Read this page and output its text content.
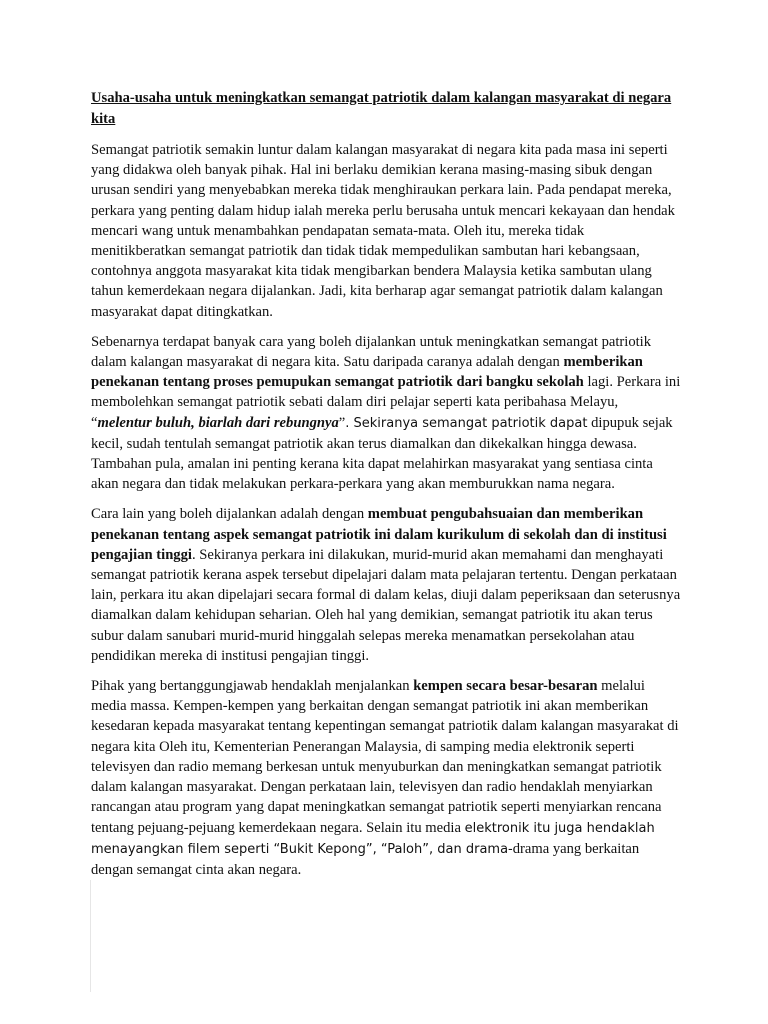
Usaha-usaha untuk meningkatkan semangat patriotik dalam kalangan masyarakat di negara kita

Semangat patriotik semakin luntur dalam kalangan masyarakat di negara kita pada masa ini seperti yang didakwa oleh banyak pihak. Hal ini berlaku demikian kerana masing-masing sibuk dengan urusan sendiri yang menyebabkan mereka tidak menghiraukan perkara lain. Pada pendapat mereka, perkara yang penting dalam hidup ialah mereka perlu berusaha untuk mencari kekayaan dan hendak mencari wang untuk menambahkan pendapatan semata-mata. Oleh itu, mereka tidak menitikberatkan semangat patriotik dan tidak tidak mempedulikan sambutan hari kebangsaan, contohnya anggota masyarakat kita tidak mengibarkan bendera Malaysia ketika sambutan ulang tahun kemerdekaan negara dijalankan. Jadi, kita berharap agar semangat patriotik dalam kalangan masyarakat dapat ditingkatkan.

Sebenarnya terdapat banyak cara yang boleh dijalankan untuk meningkatkan semangat patriotik dalam kalangan masyarakat di negara kita. Satu daripada caranya adalah dengan memberikan penekanan tentang proses pemupukan semangat patriotik dari bangku sekolah lagi. Perkara ini membolehkan semangat patriotik sebati dalam diri pelajar seperti kata peribahasa Melayu, “melentur buluh, biarlah dari rebungnya”. Sekiranya semangat patriotik dapat dipupuk sejak kecil, sudah tentulah semangat patriotik akan terus diamalkan dan dikekalkan hingga dewasa. Tambahan pula, amalan ini penting kerana kita dapat melahirkan masyarakat yang sentiasa cinta akan negara dan tidak melakukan perkara-perkara yang akan memburukkan nama negara.

Cara lain yang boleh dijalankan adalah dengan membuat pengubahsuaian dan memberikan penekanan tentang aspek semangat patriotik ini dalam kurikulum di sekolah dan di institusi pengajian tinggi. Sekiranya perkara ini dilakukan, murid-murid akan memahami dan menghayati semangat patriotik kerana aspek tersebut dipelajari dalam mata pelajaran tertentu. Dengan perkataan lain, perkara itu akan dipelajari secara formal di dalam kelas, diuji dalam peperiksaan dan seterusnya diamalkan dalam kehidupan seharian. Oleh hal yang demikian, semangat patriotik itu akan terus subur dalam sanubari murid-murid hinggalah selepas mereka menamatkan persekolahan atau pendidikan mereka di institusi pengajian tinggi.

Pihak yang bertanggungjawab hendaklah menjalankan kempen secara besar-besaran melalui media massa. Kempen-kempen yang berkaitan dengan semangat patriotik ini akan memberikan kesedaran kepada masyarakat tentang kepentingan semangat patriotik dalam kalangan masyarakat di negara kita Oleh itu, Kementerian Penerangan Malaysia, di samping media elektronik seperti televisyen dan radio memang berkesan untuk menyuburkan dan meningkatkan semangat patriotik dalam kalangan masyarakat. Dengan perkataan lain, televisyen dan radio hendaklah menyiarkan rancangan atau program yang dapat meningkatkan semangat patriotik seperti menyiarkan rencana tentang pejuang-pejuang kemerdekaan negara. Selain itu media elektronik itu juga hendaklah menayangkan filem seperti “Bukit Kepong”, “Paloh”, dan drama-drama yang berkaitan dengan semangat cinta akan negara.
